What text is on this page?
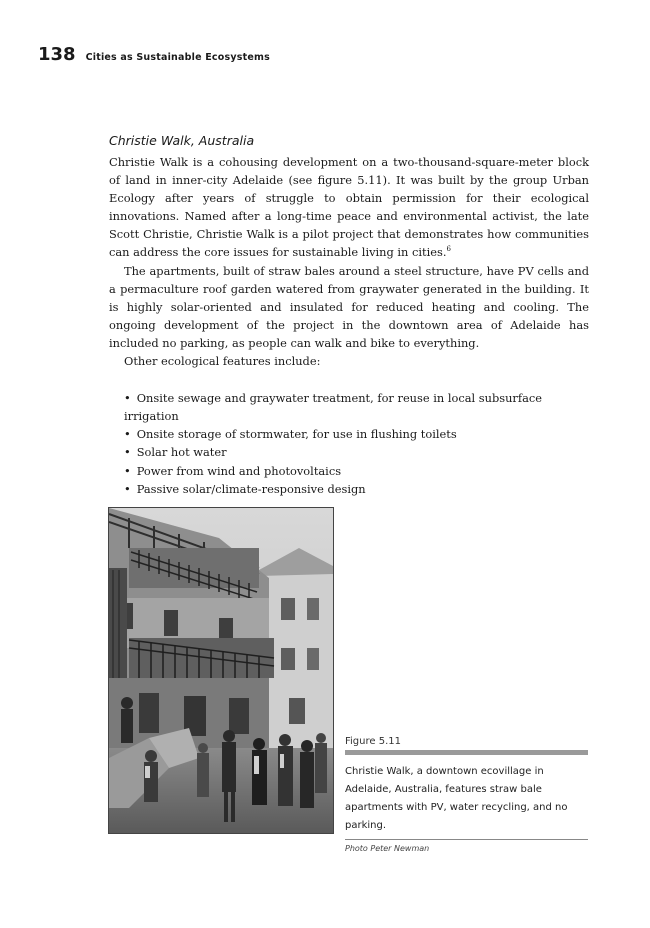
138 Cities as Sustainable Ecosystems
Christie Walk, Australia

Christie Walk is a cohousing development on a two-thousand-square-meter block of land in inner-city Adelaide (see figure 5.11). It was built by the group Urban Ecology after years of struggle to obtain permission for their ecological innovations. Named after a long-time peace and environmental activist, the late Scott Christie, Christie Walk is a pilot project that demonstrates how communities can address the core issues for sustainable living in cities.$^6$

The apartments, built of straw bales around a steel structure, have PV cells and a permaculture roof garden watered from graywater generated in the building. It is highly solar-oriented and insulated for reduced heating and cooling. The ongoing development of the project in the downtown area of Adelaide has included no parking, as people can walk and bike to everything.

Other ecological features include:

• Onsite sewage and graywater treatment, for reuse in local subsurface irrigation
• Onsite storage of stormwater, for use in flushing toilets
• Solar hot water
• Power from wind and photovoltaics
• Passive solar/climate-responsive design
Figure 5.11
Christie Walk, a downtown ecovillage in Adelaide, Australia, features straw bale apartments with PV, water recycling, and no parking.
Photo Peter Newman
